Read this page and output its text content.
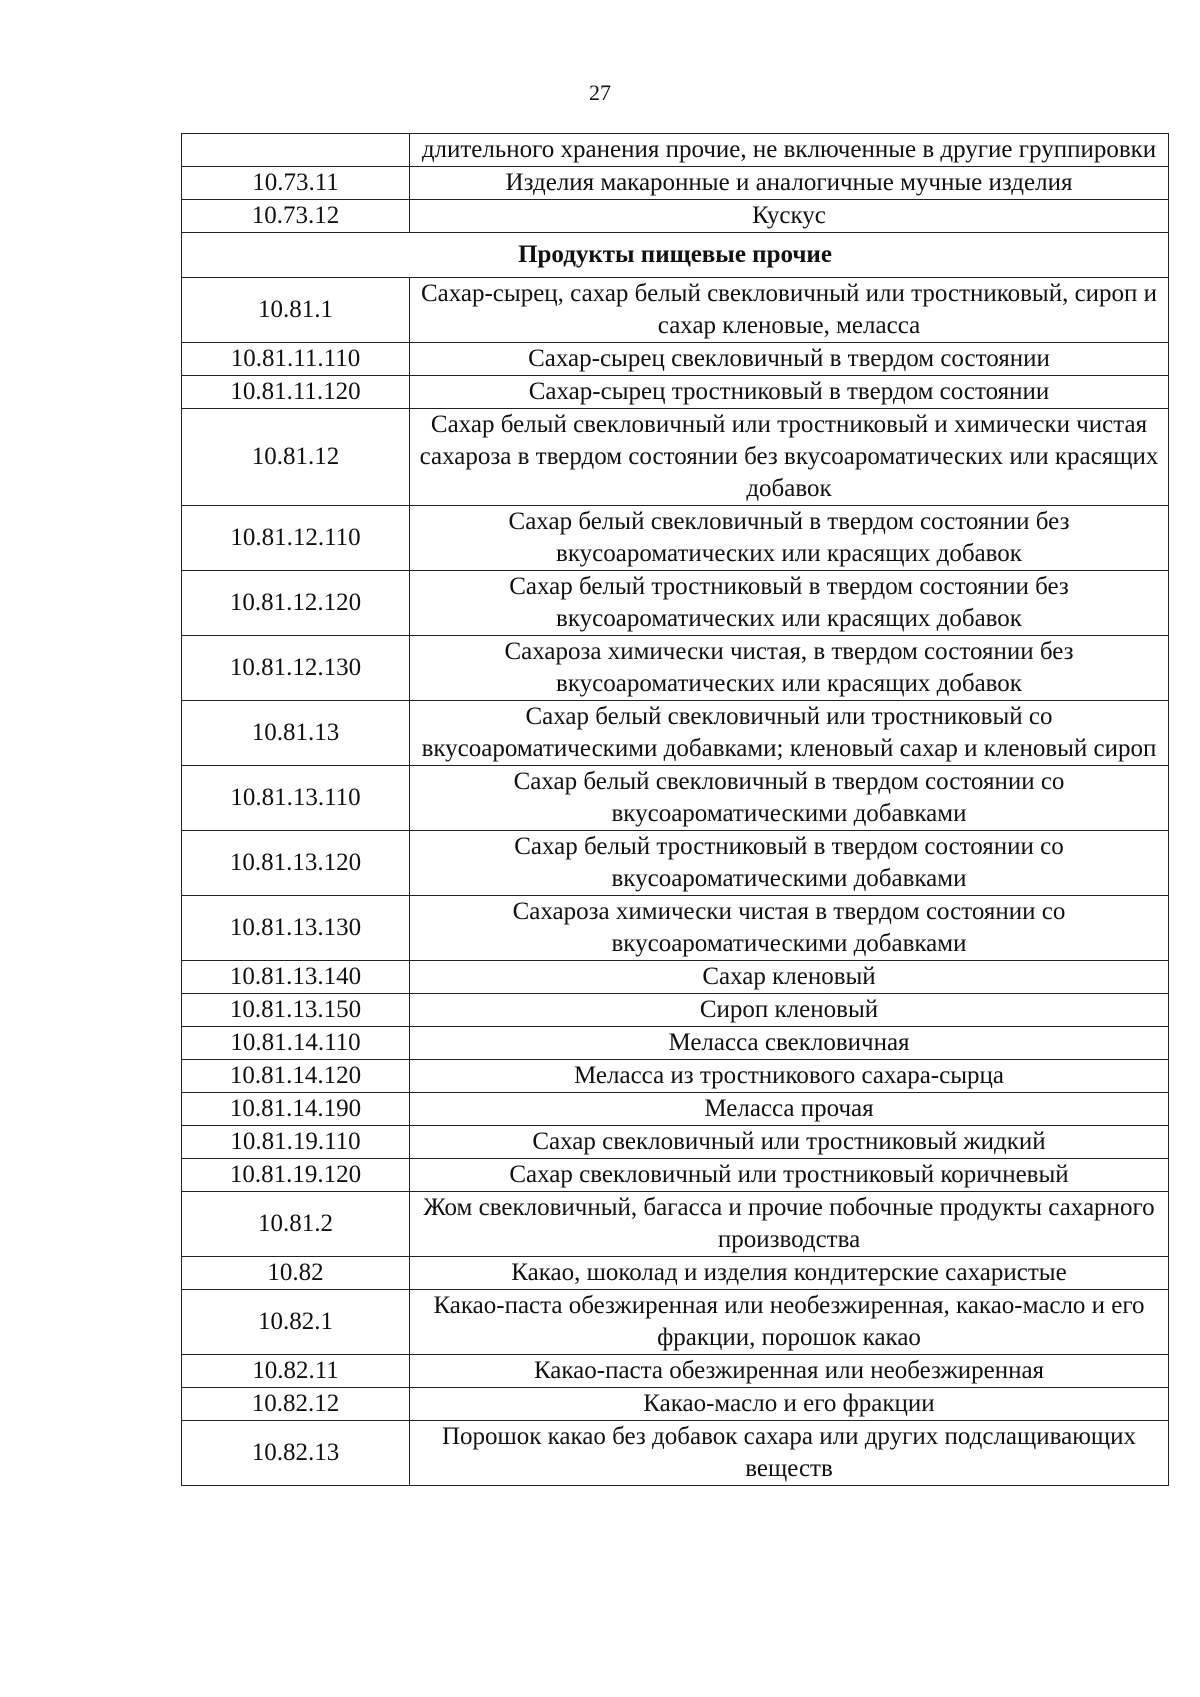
27
	длительного хранения прочие, не включенные в другие группировки
10.73.11	Изделия макаронные и аналогичные мучные изделия
10.73.12	Кускус
Продукты пищевые прочие	
10.81.1	Сахар-сырец, сахар белый свекловичный или тростниковый, сироп и сахар кленовые, меласса
10.81.11.110	Сахар-сырец свекловичный в твердом состоянии
10.81.11.120	Сахар-сырец тростниковый в твердом состоянии
10.81.12	Сахар белый свекловичный или тростниковый и химически чистая сахароза в твердом состоянии без вкусоароматических или красящих добавок
10.81.12.110	Сахар белый свекловичный в твердом состоянии без вкусоароматических или красящих добавок
10.81.12.120	Сахар белый тростниковый в твердом состоянии без вкусоароматических или красящих добавок
10.81.12.130	Сахароза химически чистая, в твердом состоянии без вкусоароматических или красящих добавок
10.81.13	Сахар белый свекловичный или тростниковый со вкусоароматическими добавками; кленовый сахар и кленовый сироп
10.81.13.110	Сахар белый свекловичный в твердом состоянии со вкусоароматическими добавками
10.81.13.120	Сахар белый тростниковый в твердом состоянии со вкусоароматическими добавками
10.81.13.130	Сахароза химически чистая в твердом состоянии со вкусоароматическими добавками
10.81.13.140	Сахар кленовый
10.81.13.150	Сироп кленовый
10.81.14.110	Меласса свекловичная
10.81.14.120	Меласса из тростникового сахара-сырца
10.81.14.190	Меласса прочая
10.81.19.110	Сахар свекловичный или тростниковый жидкий
10.81.19.120	Сахар свекловичный или тростниковый коричневый
10.81.2	Жом свекловичный, багасса и прочие побочные продукты сахарного производства
10.82	Какао, шоколад и изделия кондитерские сахаристые
10.82.1	Какао-паста обезжиренная или необезжиренная, какао-масло и его фракции, порошок какао
10.82.11	Какао-паста обезжиренная или необезжиренная
10.82.12	Какао-масло и его фракции
10.82.13	Порошок какао без добавок сахара или других подслащивающих веществ
